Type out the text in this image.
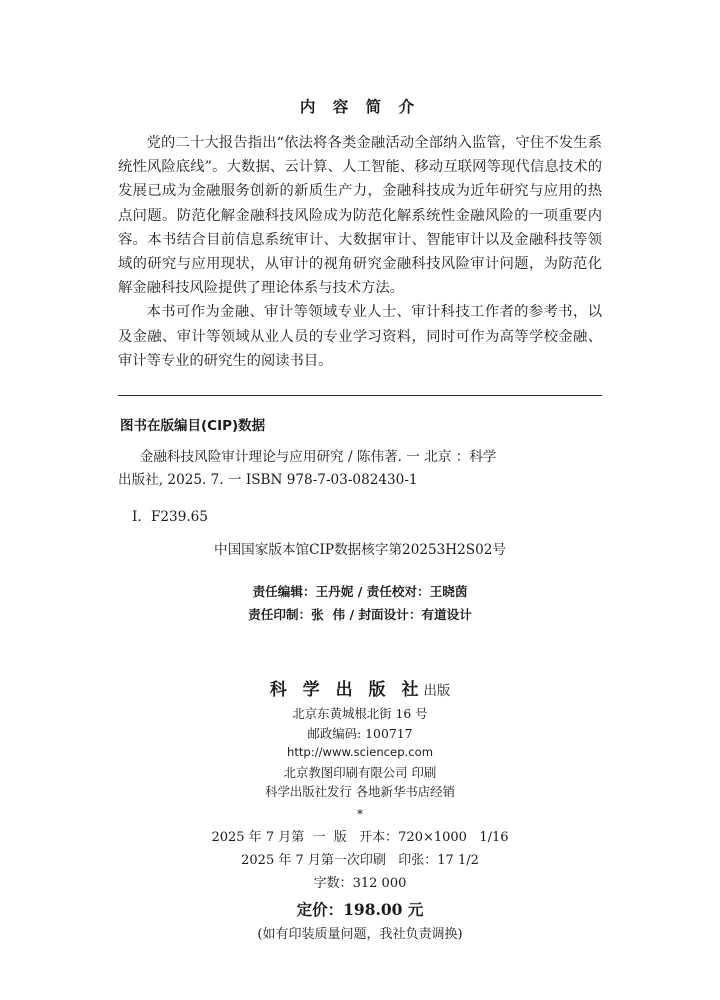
内 容 简 介

党的二十大报告指出“依法将各类金融活动全部纳入监管，守住不发生系统性风险底线”。大数据、云计算、人工智能、移动互联网等现代信息技术的发展已成为金融服务创新的新质生产力，金融科技成为近年研究与应用的热点问题。防范化解金融科技风险成为防范化解系统性金融风险的一项重要内容。本书结合目前信息系统审计、大数据审计、智能审计以及金融科技等领域的研究与应用现状，从审计的视角研究金融科技风险审计问题，为防范化解金融科技风险提供了理论体系与技术方法。

本书可作为金融、审计等领域专业人士、审计科技工作者的参考书，以及金融、审计等领域从业人员的专业学习资料，同时可作为高等学校金融、审计等专业的研究生的阅读书目。

图书在版编目(CIP)数据

金融科技风险审计理论与应用研究 / 陈伟著. 一 北京 ：科学

出版社, 2025. 7. 一 ISBN 978-7-03-082430-1

Ⅰ．F239.65
中国国家版本馆CIP数据核字第20253H2S02号
责任编辑：王丹妮 / 责任校对：王晓茵
责任印制：张  伟 / 封面设计：有道设计
科 学 出 版 社出版
北京东黄城根北街 16 号
邮政编码: 100717
http://www.sciencep.com
北京教图印刷有限公司 印刷
科学出版社发行 各地新华书店经销
*
2025 年 7 月第  一  版   开本：720×1000   1/16
2025 年 7 月第一次印刷   印张：17 1/2
字数：312 000
定价：198.00 元
(如有印装质量问题，我社负责调换)
